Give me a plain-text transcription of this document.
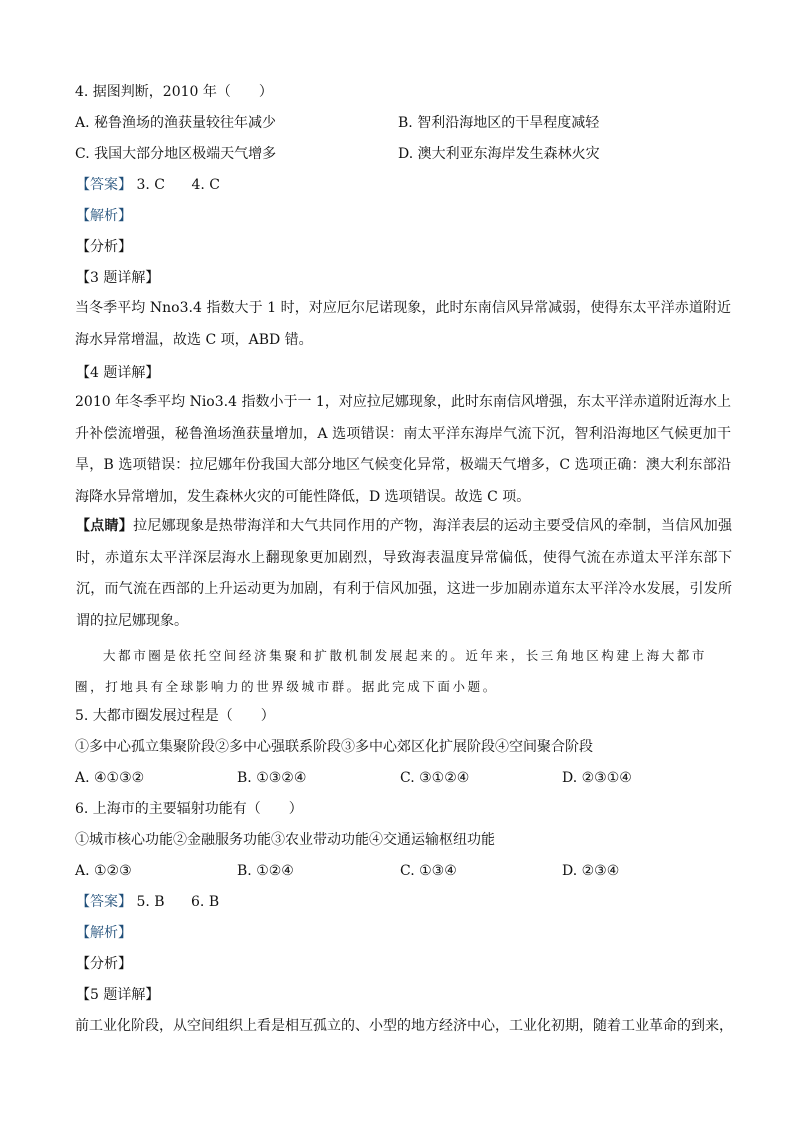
4. 据图判断，2010 年（　　）
A. 秘鲁渔场的渔获量较往年减少	B. 智利沿海地区的干旱程度减轻
C. 我国大部分地区极端天气增多	D. 澳大利亚东海岸发生森林火灾
【答案】 3. C 4. C
【解析】
【分析】
【3 题详解】
当冬季平均 Nno3.4 指数大于 1 时，对应厄尔尼诺现象，此时东南信风异常减弱，使得东太平洋赤道附近海水异常增温，故选 C 项，ABD 错。
【4 题详解】
2010 年冬季平均 Nio3.4 指数小于一 1，对应拉尼娜现象，此时东南信风增强，东太平洋赤道附近海水上升补偿流增强，秘鲁渔场渔获量增加，A 选项错误：南太平洋东海岸气流下沉，智利沿海地区气候更加干旱，B 选项错误：拉尼娜年份我国大部分地区气候变化异常，极端天气增多，C 选项正确：澳大利东部沿海降水异常增加，发生森林火灾的可能性降低，D 选项错误。故选 C 项。
【点睛】拉尼娜现象是热带海洋和大气共同作用的产物，海洋表层的运动主要受信风的牵制，当信风加强时，赤道东太平洋深层海水上翻现象更加剧烈，导致海表温度异常偏低，使得气流在赤道太平洋东部下沉，而气流在西部的上升运动更为加剧，有利于信风加强，这进一步加剧赤道东太平洋冷水发展，引发所谓的拉尼娜现象。
大都市圈是依托空间经济集聚和扩散机制发展起来的。近年来，长三角地区构建上海大都市圈，打地具有全球影响力的世界级城市群。据此完成下面小题。
5. 大都市圈发展过程是（　　）
①多中心孤立集聚阶段②多中心强联系阶段③多中心郊区化扩展阶段④空间聚合阶段
A. ④①③②	B. ①③②④	C. ③①②④	D. ②③①④
6. 上海市的主要辐射功能有（　　）
①城市核心功能②金融服务功能③农业带动功能④交通运输枢纽功能
A. ①②③	B. ①②④	C. ①③④	D. ②③④
【答案】 5. B 6. B
【解析】
【分析】
【5 题详解】
前工业化阶段，从空间组织上看是相互孤立的、小型的地方经济中心，工业化初期，随着工业革命的到来，
